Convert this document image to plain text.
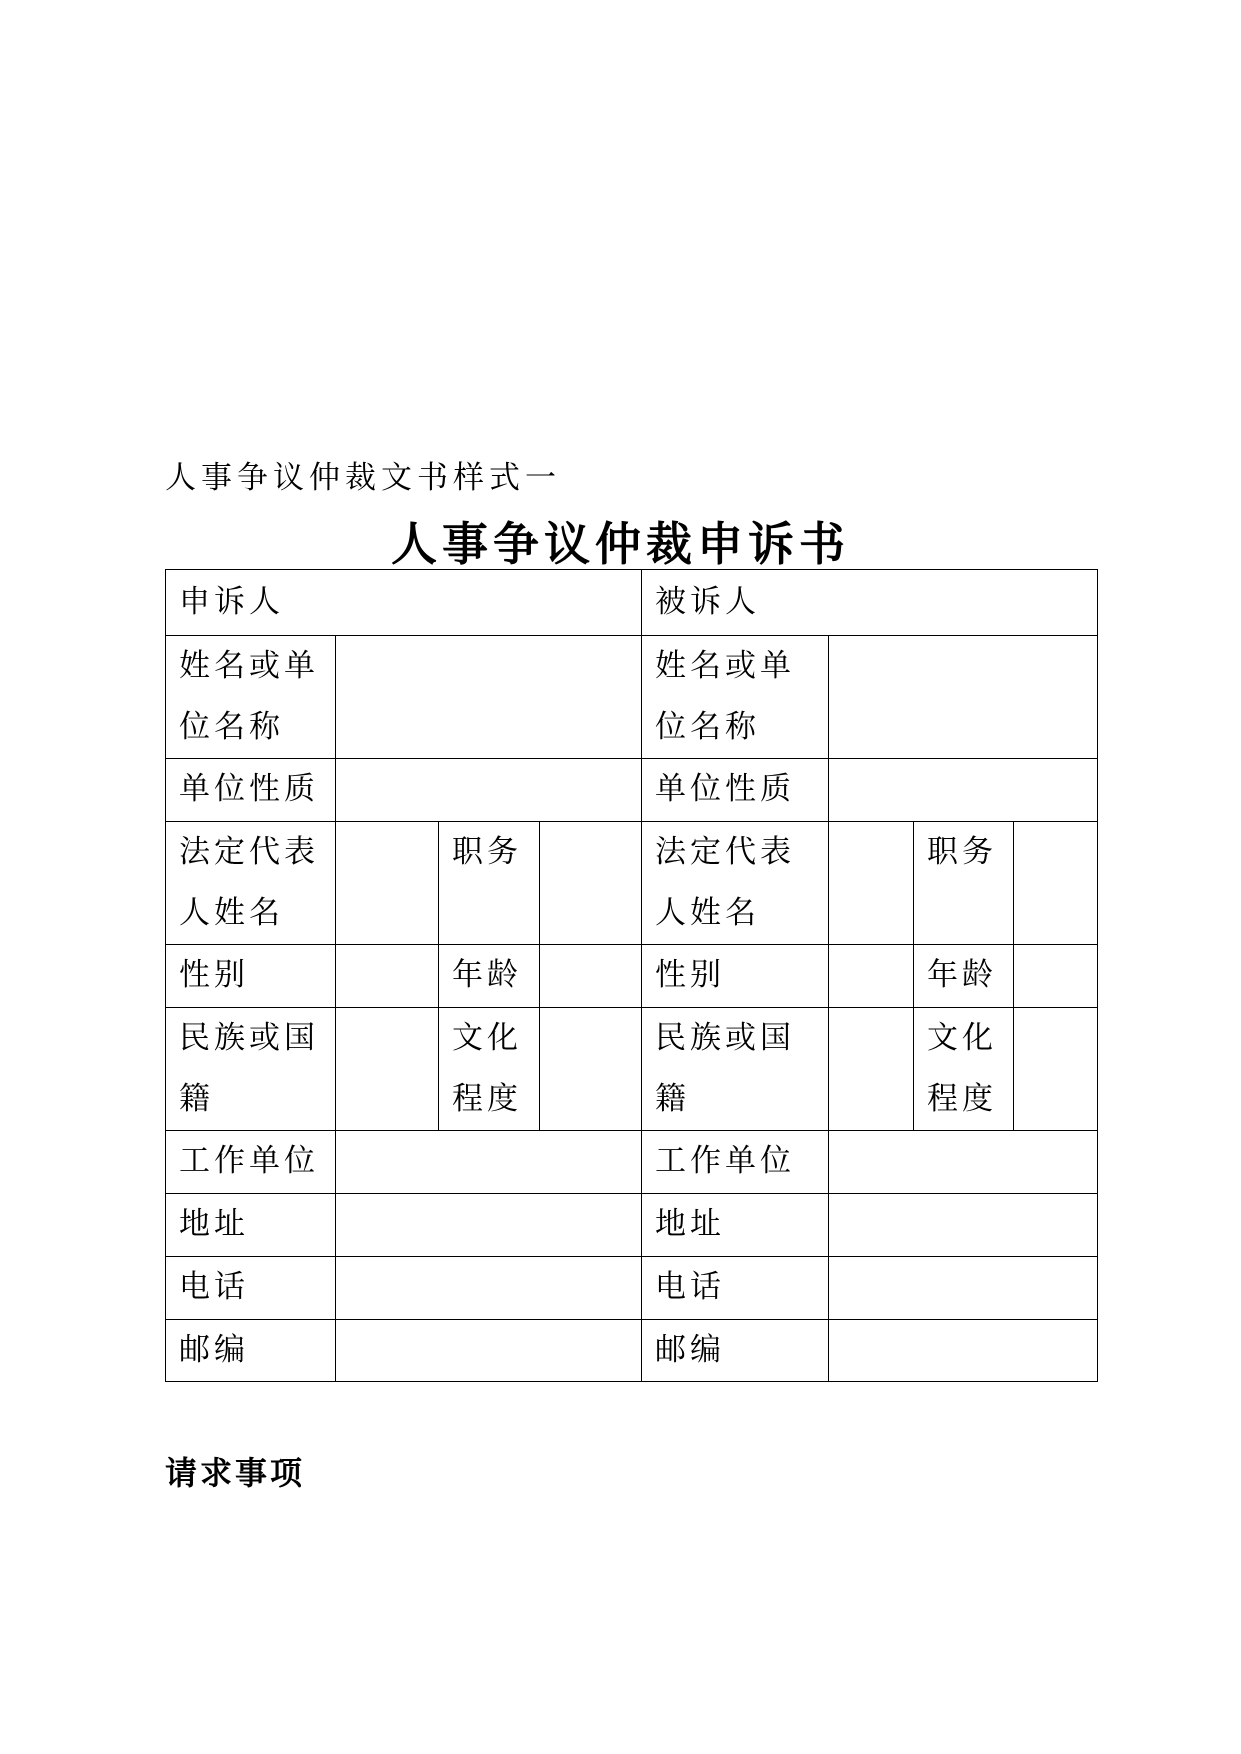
人事争议仲裁文书样式一
人事争议仲裁申诉书
申诉人				被诉人			
姓名或单位名称				姓名或单位名称			
单位性质				单位性质			
法定代表人姓名		职务		法定代表人姓名		职务	
性别		年龄		性别		年龄	
民族或国籍		文化程度		民族或国籍		文化程度	
工作单位				工作单位			
地址				地址			
电话				电话			
邮编				邮编			
请求事项
